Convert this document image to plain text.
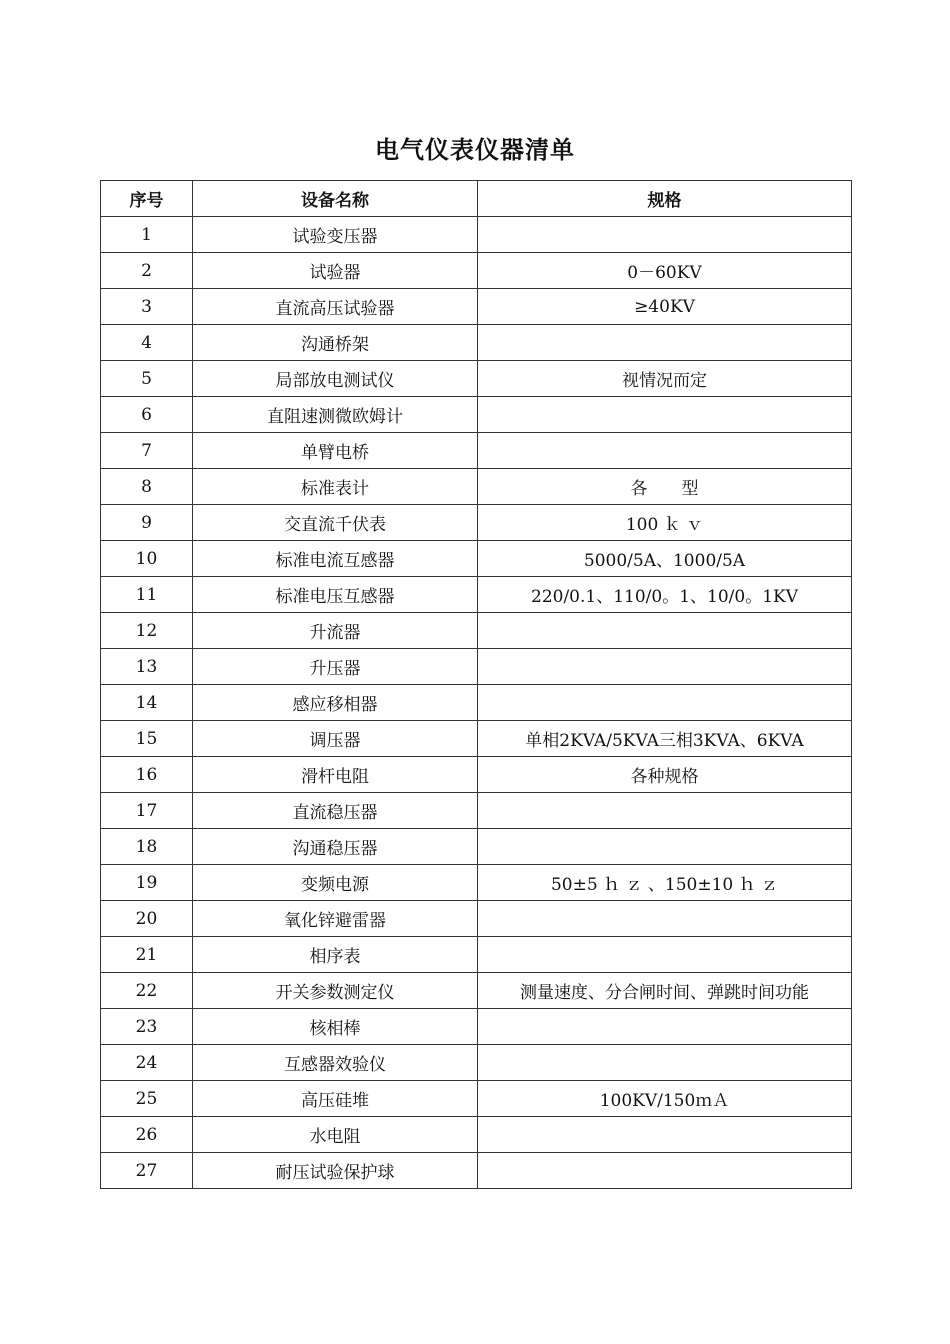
电气仪表仪器清单
序号	设备名称	规格
1	试验变压器	
2	试验器	0－60KV
3	直流高压试验器	≥40KV
4	沟通桥架	
5	局部放电测试仪	视情况而定
6	直阻速测微欧姆计	
7	单臂电桥	
8	标准表计	各　　型
9	交直流千伏表	100 ｋ ｖ
10	标准电流互感器	5000/5A、1000/5A
11	标准电压互感器	220/0.1、110/0。1、10/0。1KV
12	升流器	
13	升压器	
14	感应移相器	
15	调压器	单相2KVA/5KVA三相3KVA、6KVA
16	滑杆电阻	各种规格
17	直流稳压器	
18	沟通稳压器	
19	变频电源	50±5 ｈ ｚ 、150±10 ｈ ｚ
20	氧化锌避雷器	
21	相序表	
22	开关参数测定仪	测量速度、分合闸时间、弹跳时间功能
23	核相棒	
24	互感器效验仪	
25	高压硅堆	100KV/150ｍＡ
26	水电阻	
27	耐压试验保护球	
